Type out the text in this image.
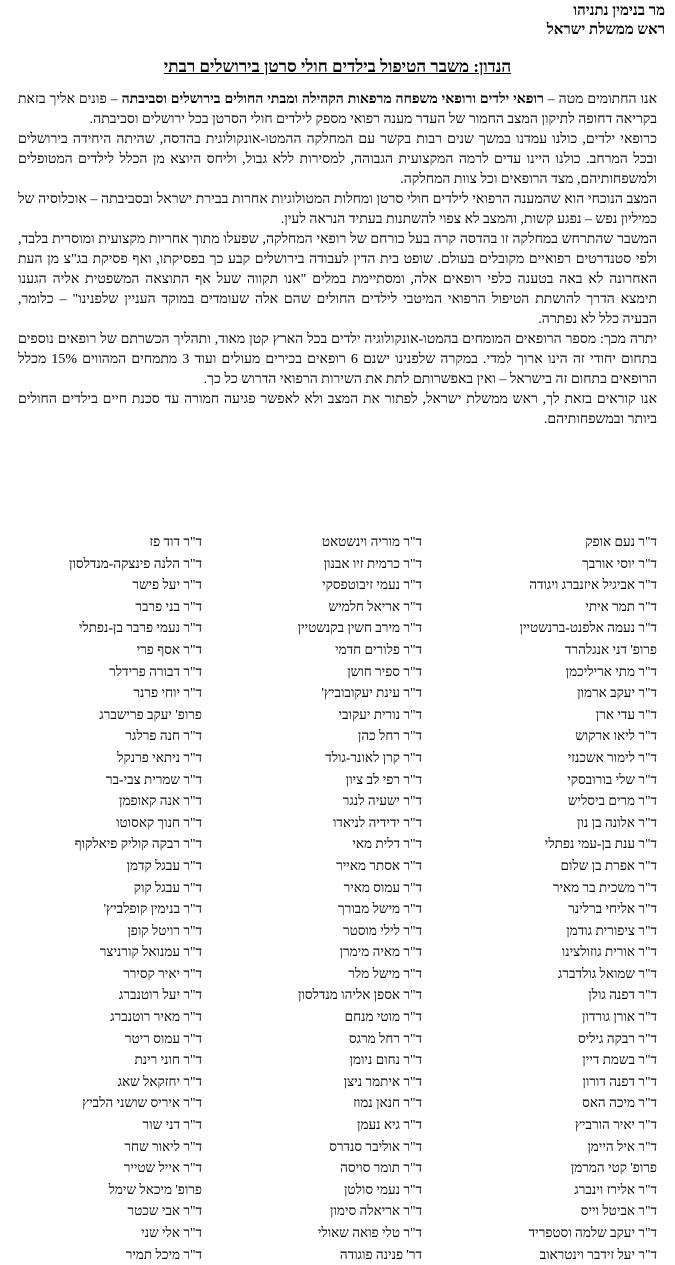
מר בנימין נתניהו
ראש ממשלת ישראל
הנדון: משבר הטיפול בילדים חולי סרטן בירושלים רבתי

אנו החתומים מטה – רופאי ילדים ורופאי משפחה מרפאות הקהילה ומבתי החולים בירושלים וסביבתה – פונים אליך בזאת בקריאה דחופה לתיקון המצב החמור של העדר מענה רפואי מספק לילדים חולי הסרטן בכל ירושלים וסביבתה.

כרופאי ילדים, כולנו עמדנו במשך שנים רבות בקשר עם המחלקה ההמטו-אונקולוגית בהדסה, שהיתה היחידה בירושלים ובכל המרחב. כולנו היינו עדים לרמה המקצועית הגבוהה, למסירות ללא גבול, וליחס היוצא מן הכלל לילדים המטופלים ולמשפחותיהם, מצד הרופאים וכל צוות המחלקה.

המצב הנוכחי הוא שהמענה הרפואי לילדים חולי סרטן ומחלות המטולוגיות אחרות בבירת ישראל ובסביבתה – אוכלוסיה של כמיליון נפש – נפגע קשות, והמצב לא צפוי להשתנות בעתיד הנראה לעין.

המשבר שהתרחש במחלקה זו בהדסה קרה בעל כורחם של רופאי המחלקה, שפעלו מתוך אחריות מקצועית ומוסרית בלבד, ולפי סטנדרטים רפואיים מקובלים בעולם. שופט בית הדין לעבודה בירושלים קבע כך בפסיקתו, ואף פסיקת בג"צ מן העת האחרונה לא באה בטענה כלפי רופאים אלה, ומסתיימת במלים "אנו תקווה שעל אף התוצאה המשפטית אליה הגענו תימצא הדרך להושתת הטיפול הרפואי המיטבי לילדים החולים שהם אלה שעומדים במוקד העניין שלפנינו" – כלומר, הבעיה כלל לא נפתרה.

יתרה מכך: מספר הרופאים המומחים בהמטו-אונקולוגיה ילדים בכל הארץ קטן מאוד, ותהליך הכשרתם של רופאים נוספים בתחום יחודי זה הינו ארוך למדי. במקרה שלפנינו ישנם 6 רופאים בכירים מעולים ועוד 3 מתמחים המהווים 15% מכלל הרופאים בתחום זה בישראל – ואין באפשרותם לתת את השירות הרפואי הדרוש כל כך.

אנו קוראים בזאת לך, ראש ממשלת ישראל, לפתור את המצב ולא לאפשר פגיעה חמורה עד סכנת חיים בילדים החולים ביותר ובמשפחותיהם.

ד"ר נעם אופק
ד"ר מוריה וינשטאט
ד"ר דוד פז
ד"ר יוסי אורבך
ד"ר כרמית זיו אבנון
ד"ר הלנה פינצקה-מנדלסון
ד"ר אביגיל איזנברג ויגודה
ד"ר נעמי זיבוטפסקי
ד"ר יעל פישר
ד"ר תמר איתי
ד"ר אריאל חלמיש
ד"ר בני פרבר
ד"ר נעמה אלפנט-ברנשטיין
ד"ר מירב חשין בקנשטיין
ד"ר נעמי פרבר בן-נפתלי
פרופ' דני אנגלהרד
ד"ר פלורים חדמי
ד"ר אסף פרי
ד"ר מתי אריליכמן
ד"ר ספיר חושן
ד"ר דבורה פרידלר
ד"ר יעקב ארמון
ד"ר עינת יעקובוביץ'
ד"ר יוחי פרנר
ד"ר עדי ארן
ד"ר נורית יעקובי
פרופ' יעקב פרישברג
ד"ר ליאו ארקוש
ד"ר רחל כהן
ד"ר חנה פרלגר
ד"ר לימור אשכנזי
ד"ר קרן לאונר-גולד
ד"ר ניתאי פרנקל
ד"ר שלי בורובסקי
ד"ר רפי לב ציון
ד"ר שמרית צבי-בר
ד"ר מרים ביסליש
ד"ר ישעיה לנגר
ד"ר אנה קאופמן
ד"ר אלונה בן נון
ד"ר ידידיה לניאדו
ד"ר חנוך קאסוטו
ד"ר ענת בן-עמי נפתלי
ד"ר דלית מאי
ד"ר רבקה קוליק פיאלקוף
ד"ר אפרת בן שלום
ד"ר אסתר מאייר
ד"ר עבגל קדמן
ד"ר משכית בר מאיר
ד"ר עמוס מאיר
ד"ר עבגל קוק
ד"ר אליחי ברלינר
ד"ר מישל מבורך
ד"ר בנימין קופלביץ'
ד"ר ציפורית גודמן
ד"ר לילי מוסטר
ד"ר רויטל קופן
ד"ר אורית גוזולצינו
ד"ר מאיה מימרן
ד"ר עמנואל קורניצר
ד"ר שמואל גולדברג
ד"ר מישל מלר
ד"ר יאיר קסירר
ד"ר דפנה גולן
ד"ר אספן אליהו מנדלסון
ד"ר יעל רוטנברג
ד"ר אורן גורדון
ד"ר מוטי מנחם
ד"ר מאיר רוטנברג
ד"ר רבקה גיליס
ד"ר רחל מרגס
ד"ר עמוס ריטר
ד"ר בשמת דיין
ד"ר נחום ניומן
ד"ר חוני רינת
ד"ר דפנה דורון
ד"ר איתמר ניצן
ד"ר יחזקאל שאג
ד"ר מיכה האס
ד"ר חנאן נמוז
ד"ר איריס שושני הלביץ
ד"ר יאיר הורביץ
ד"ר גיא נעמן
ד"ר דני שור
ד"ר איל היימן
ד"ר אוליבר סנדרס
ד"ר ליאור שחר
פרופ' קטי המרמן
ד"ר תומר סויסה
ד"ר אייל שטייר
ד"ר אלירז וינברג
ד"ר נעמי סולטן
פרופ' מיכאל שימל
ד"ר אביטל וייס
ד"ר אריאלה סימון
ד"ר אבי שכטר
ד"ר יעקב שלמה וסטפריד
ד"ר טלי פואה שאולי
ד"ר אלי שני
ד"ר יעל זידבר וינטראוב
דר' פנינה פוגודה
ד"ר מיכל תמיר
